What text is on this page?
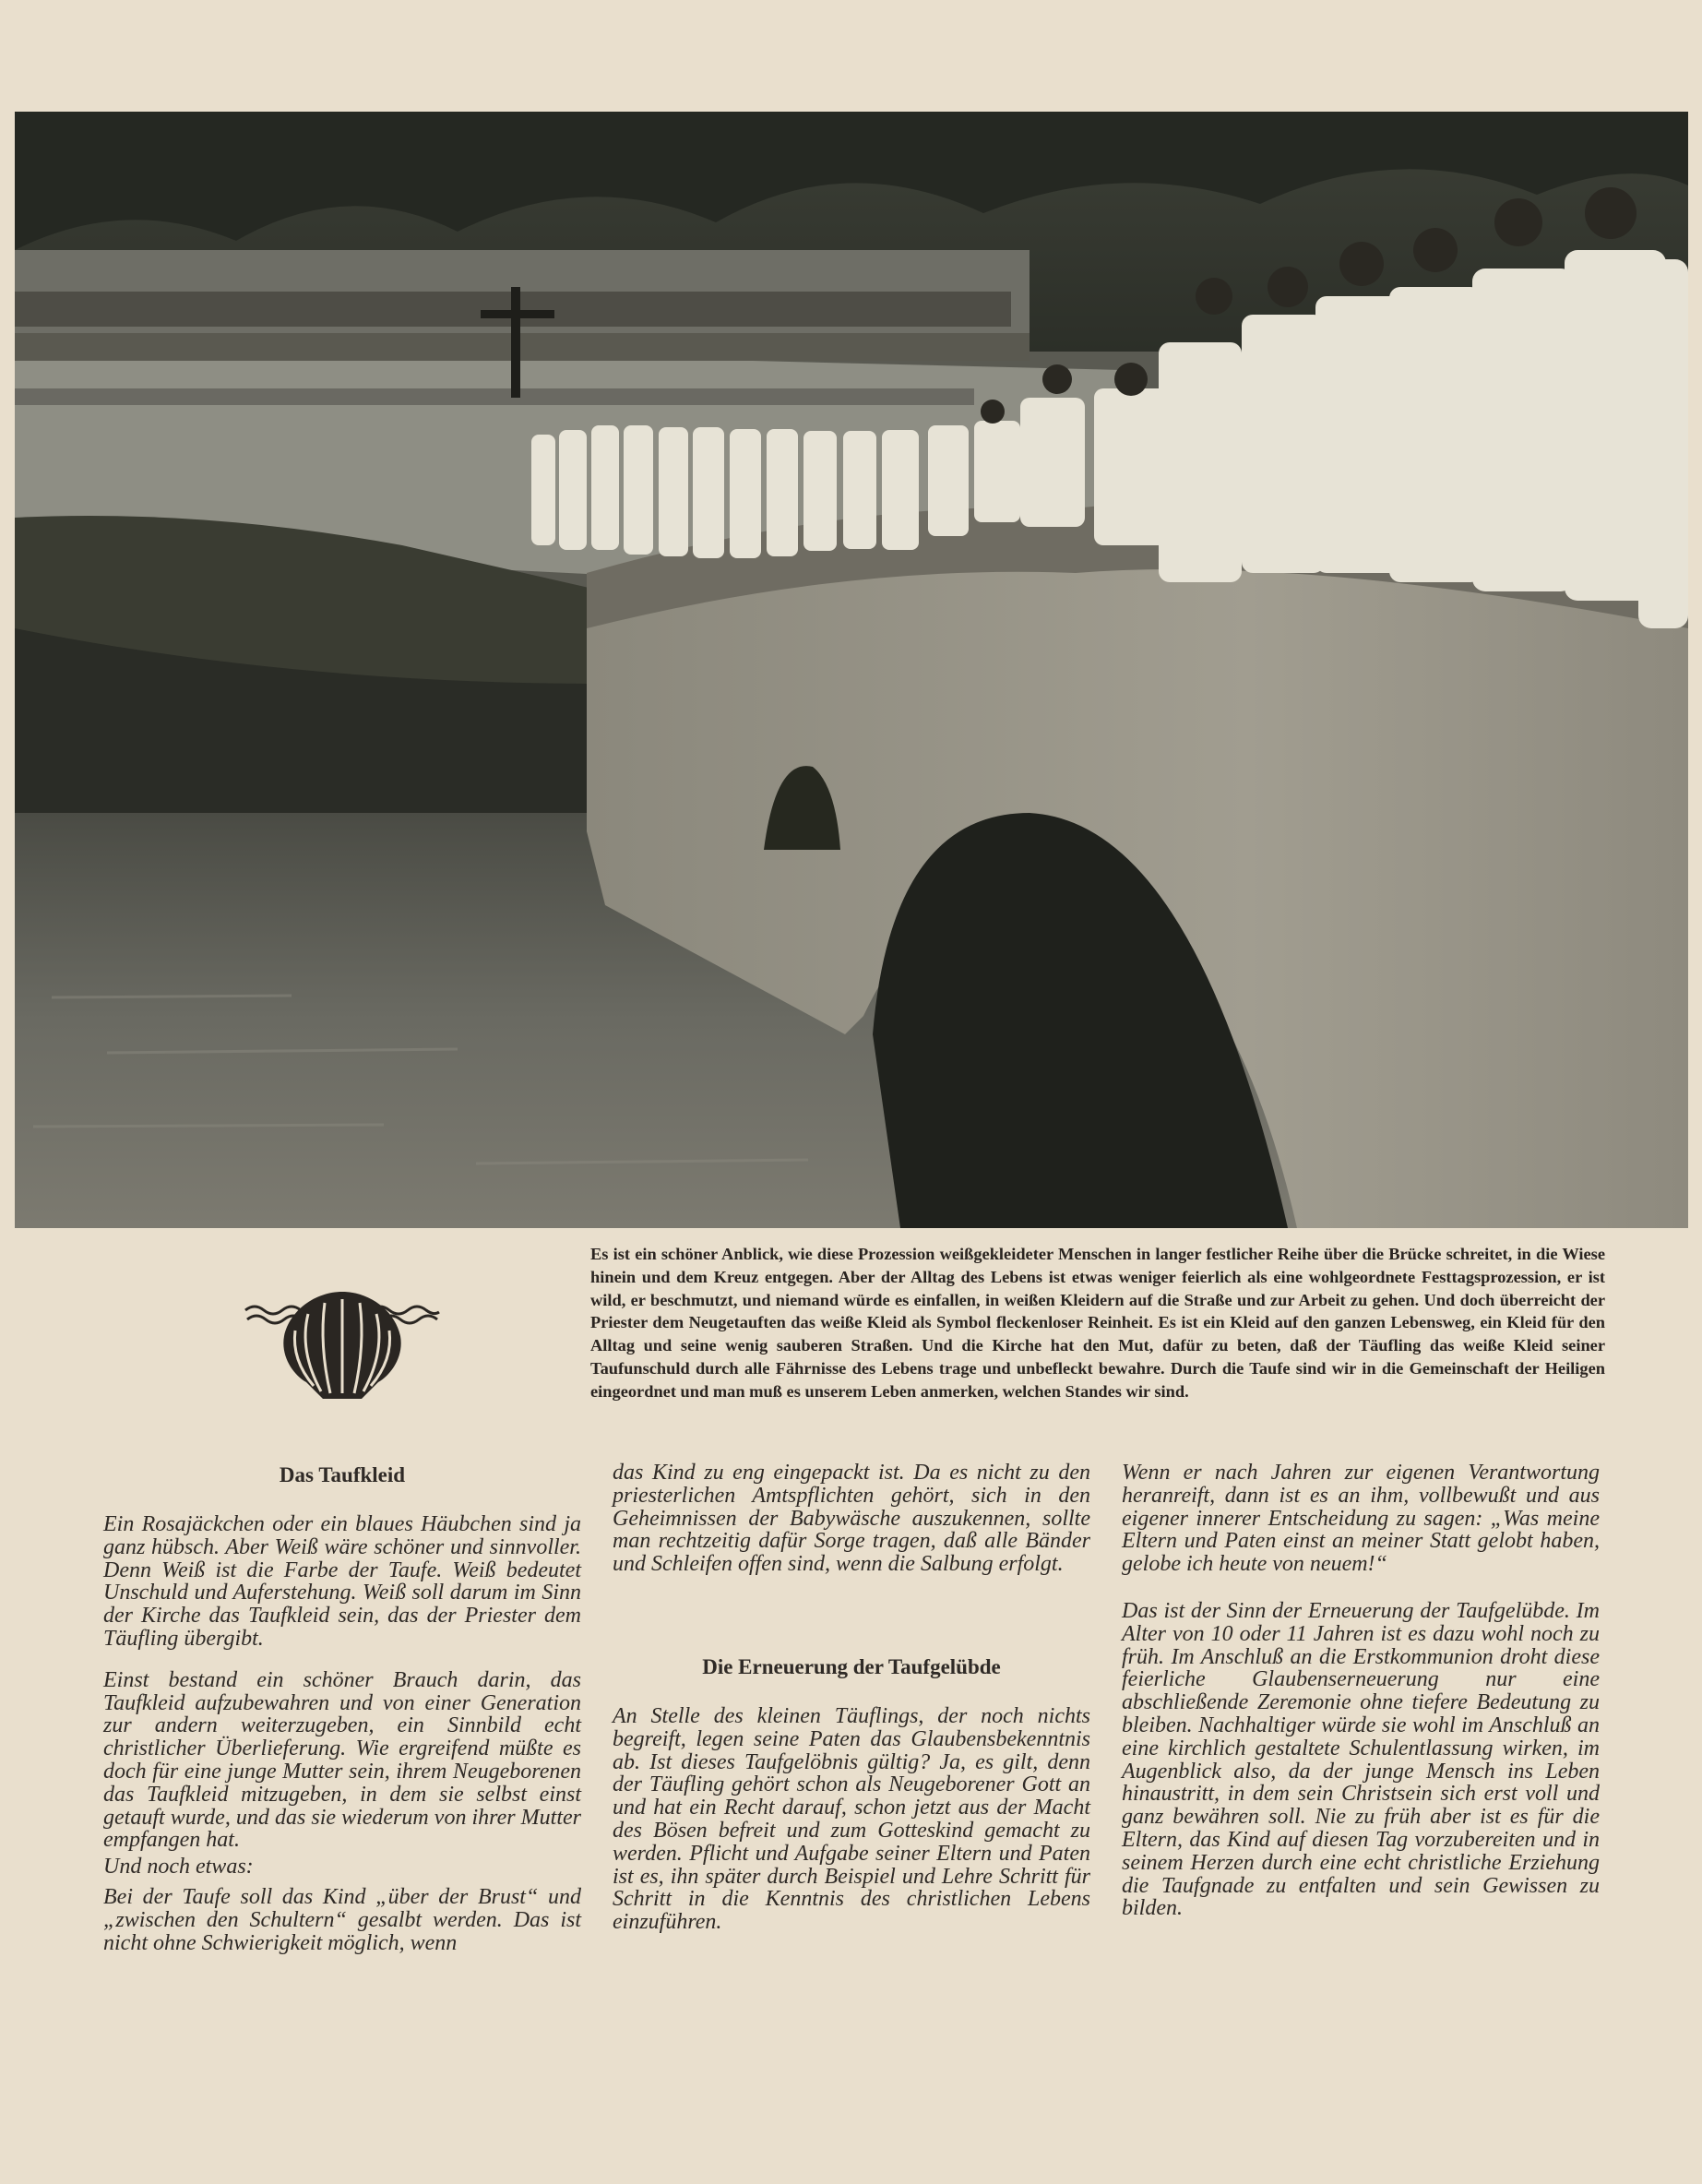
Es ist ein schöner Anblick, wie diese Prozession weißgekleideter Menschen in langer festlicher Reihe über die Brücke schreitet, in die Wiese hinein und dem Kreuz entgegen. Aber der Alltag des Lebens ist etwas weniger feierlich als eine wohlgeordnete Festtagsprozession, er ist wild, er beschmutzt, und niemand würde es einfallen, in weißen Kleidern auf die Straße und zur Arbeit zu gehen. Und doch überreicht der Priester dem Neugetauften das weiße Kleid als Symbol fleckenloser Reinheit. Es ist ein Kleid auf den ganzen Lebensweg, ein Kleid für den Alltag und seine wenig sauberen Straßen. Und die Kirche hat den Mut, dafür zu beten, daß der Täufling das weiße Kleid seiner Taufunschuld durch alle Fährnisse des Lebens trage und unbefleckt bewahre. Durch die Taufe sind wir in die Gemeinschaft der Heiligen eingeordnet und man muß es unserem Leben anmerken, welchen Standes wir sind.
Das Taufkleid

Ein Rosajäckchen oder ein blaues Häubchen sind ja ganz hübsch. Aber Weiß wäre schöner und sinnvoller. Denn Weiß ist die Farbe der Taufe. Weiß bedeutet Unschuld und Auferstehung. Weiß soll darum im Sinn der Kirche das Taufkleid sein, das der Priester dem Täufling übergibt.

Einst bestand ein schöner Brauch darin, das Taufkleid aufzubewahren und von einer Generation zur andern weiterzugeben, ein Sinnbild echt christlicher Überlieferung. Wie ergreifend müßte es doch für eine junge Mutter sein, ihrem Neugeborenen das Taufkleid mitzugeben, in dem sie selbst einst getauft wurde, und das sie wiederum von ihrer Mutter empfangen hat.

Und noch etwas:

Bei der Taufe soll das Kind „über der Brust“ und „zwischen den Schultern“ gesalbt werden. Das ist nicht ohne Schwierigkeit möglich, wenn

das Kind zu eng eingepackt ist. Da es nicht zu den priesterlichen Amtspflichten gehört, sich in den Geheimnissen der Babywäsche auszukennen, sollte man rechtzeitig dafür Sorge tragen, daß alle Bänder und Schleifen offen sind, wenn die Salbung erfolgt.

Die Erneuerung der Taufgelübde

An Stelle des kleinen Täuflings, der noch nichts begreift, legen seine Paten das Glaubensbekenntnis ab. Ist dieses Taufgelöbnis gültig? Ja, es gilt, denn der Täufling gehört schon als Neugeborener Gott an und hat ein Recht darauf, schon jetzt aus der Macht des Bösen befreit und zum Gotteskind gemacht zu werden. Pflicht und Aufgabe seiner Eltern und Paten ist es, ihn später durch Beispiel und Lehre Schritt für Schritt in die Kenntnis des christlichen Lebens einzuführen.

Wenn er nach Jahren zur eigenen Verantwortung heranreift, dann ist es an ihm, vollbewußt und aus eigener innerer Entscheidung zu sagen: „Was meine Eltern und Paten einst an meiner Statt gelobt haben, gelobe ich heute von neuem!“

Das ist der Sinn der Erneuerung der Taufgelübde. Im Alter von 10 oder 11 Jahren ist es dazu wohl noch zu früh. Im Anschluß an die Erstkommunion droht diese feierliche Glaubenserneuerung nur eine abschließende Zeremonie ohne tiefere Bedeutung zu bleiben. Nachhaltiger würde sie wohl im Anschluß an eine kirchlich gestaltete Schulentlassung wirken, im Augenblick also, da der junge Mensch ins Leben hinaustritt, in dem sein Christsein sich erst voll und ganz bewähren soll. Nie zu früh aber ist es für die Eltern, das Kind auf diesen Tag vorzubereiten und in seinem Herzen durch eine echt christliche Erziehung die Taufgnade zu entfalten und sein Gewissen zu bilden.
